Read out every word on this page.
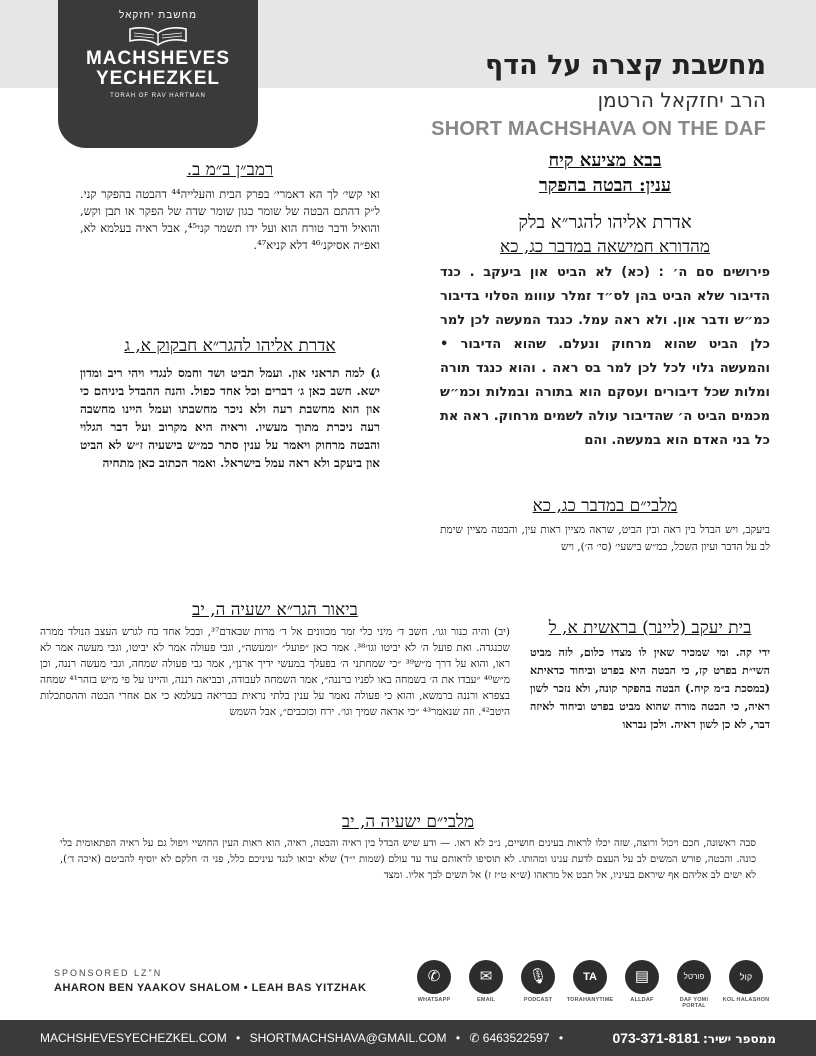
מחשבת יחזקאל
MACHSHEVES
YECHEZKEL
TORAH OF RAV HARTMAN
מחשבת קצרה על הדף
הרב יחזקאל הרטמן
SHORT MACHSHAVA ON THE DAF
בבא מציעא קיח
ענין: הבטה בהפקר
אדרת אליהו להגר״א בלק
מהדורא חמישאה במדבר כג, כא
פירושים סם ה׳ : (כא) לא הביט און ביעקב . כנד הדיבור שלא הביט בהן לס״ד זמלר עווומ הסלוי בדיבור כמ״ש ודבר און. ולא ראה עמל. כנגד המעשה לכן למר כלן הביט שהוא מרחוק ונעלם. שהוא הדיבור • והמעשה גלוי לכל לכן למר בס ראה . והוא כנגד תורה ומלות שכל דיבורים ועסקם הוא בתורה ובמלות וכמ״ש מכמים הביט ה׳ שהדיבור עולה לשמים מרחוק. ראה את כל בני האדם הוא במעשה. והם
מלבי״ם במדבר כג, כא
ביעקב, ויש הבדל בין ראה ובין הביט, שראה מציין ראות עין, והבטה מציין שימת לב על הדבר ועיון השכל, כמ״ש בישעי׳ (סי׳ ה׳), ויש
רמב״ן ב״מ ב.
ואי קשי׳ לך הא דאמרי׳ בפרק הבית והעלייה⁴⁴ דהבטה בהפקר קני. ל״ק דהתם הבטה של שומר כגון שומר שדה של הפקר או תבן וקש, והואיל ודבר טורח הוא ועל ידו תשמר קני⁴⁵, אבל ראיה בעלמא לא, ואפ״ה אסיקנ׳⁴⁶ דלא קניא⁴⁷.
אדרת אליהו להגר״א חבקוק א, ג
ג) למה תראני און. ועמל תביט ושד וחמס לנגדי ויהי ריב ומדון ישא. חשב כאן ג׳ דברים וכל אחד כפול. והנה ההבדל ביניהם כי און הוא מחשבת רעה ולא ניכר מחשבתו ועמל היינו מחשבה רעה ניכרת מתוך מעשיו. וראיה היא מקרוב ועל דבר הגלוי והבטה מרחוק ויאמר על ענין סתר כמ״ש בישעיה ז״ש לא הביט און ביעקב ולא ראה עמל בישראל. ואמר הכתוב כאן מתחיה
ביאור הגר״א ישעיה ה, יב
(יב) והיה כנור וגו׳. חשב ד׳ מיני כלי זמר מכוונים אל ד׳ מרות שבאדם³⁷, ובכל אחד כח לגרש העצב הנולד ממרה שכנגדה. ואת פועל ה׳ לא יביטו וגו׳³⁸. אמר כאן ״פועל״ ״ומעשה״, וגבי פעולה אמר לא יביטו, וגבי מעשה אמר לא ראו, והוא על דרך מ״ש³⁹ ״כי שמחתני ה׳ בפעלך במעשי ידיך ארנן״, אמר גבי פעולה שמחה, וגבי מעשה רננה, וכן מ״ש⁴⁰ ״עבדו את ה׳ בשמחה באו לפניו ברננה״, אמר השמחה לעבודה, ובביאה רננה, והיינו על פי מ״ש בזהר⁴¹ שמחה בצפרא ורננה ברמשא, והוא כי פעולה נאמר על ענין בלתי נראית בבריאה בעלמא כי אם אחרי הבטה וההסתכלות היטב⁴². וזה שנאמר⁴³ ״כי אראה שמיך וגו׳. ירח וכוכבים״, אבל השמש
בית יעקב (ליינר) בראשית א, ל
ידי קה. ומי שמכיר שאין לו מצדו כלום, לזה מביט השי״ת בפרט קז, כי הבטה היא בפרט וביחוד כדאיתא (במסכת ב״מ קיח.) הבטה בהפקר קונה, ולא נזכר לשון ראיה, כי הבטה מורה שהוא מביט בפרט וביחוד לאיזה דבר, לא כן לשון ראיה. ולכן נבראו
מלבי״ם ישעיה ה, יב
סבה ראשונה, חכם ויכול ורוצה, שזה יכלו לראות בעינים חושיים, נ״כ לא ראו. — ודע שיש הבדל בין ראיה והבטה, ראיה, הוא ראות העין החושיי ויפול גם על ראיה הפתאומית בלי כונה. והבטה, פורש המשים לב על העצם לדעת ענינו ומהותו. לא תוסיפו לראותם עוד עד עולם (שמות י״ד) שלא יבואו לנגד עיניכם כלל, פני ה׳ חלקם לא יוסיף להביטם (איכה ד׳), לא ישים לב אליהם אף שיראם בעיניו, אל תבט אל מראהו (ש״א ט״ז ז) אל תשים לבך אליו. ומצד
SPONSORED LZ"N
AHARON BEN YAAKOV SHALOM • LEAH BAS YITZHAK
✆
WHATSAPP
✉
EMAIL
🎙
PODCAST
TA
TORAHANYTIME
▤
ALLDAF
פורטל
DAF YOMI PORTAL
קול
KOL HALASHON
MACHSHEVESYECHEZKEL.COM • SHORTMACHSHAVA@GMAIL.COM • ✆ 6463522597 •	ממספר ישיר: 073-371-8181
